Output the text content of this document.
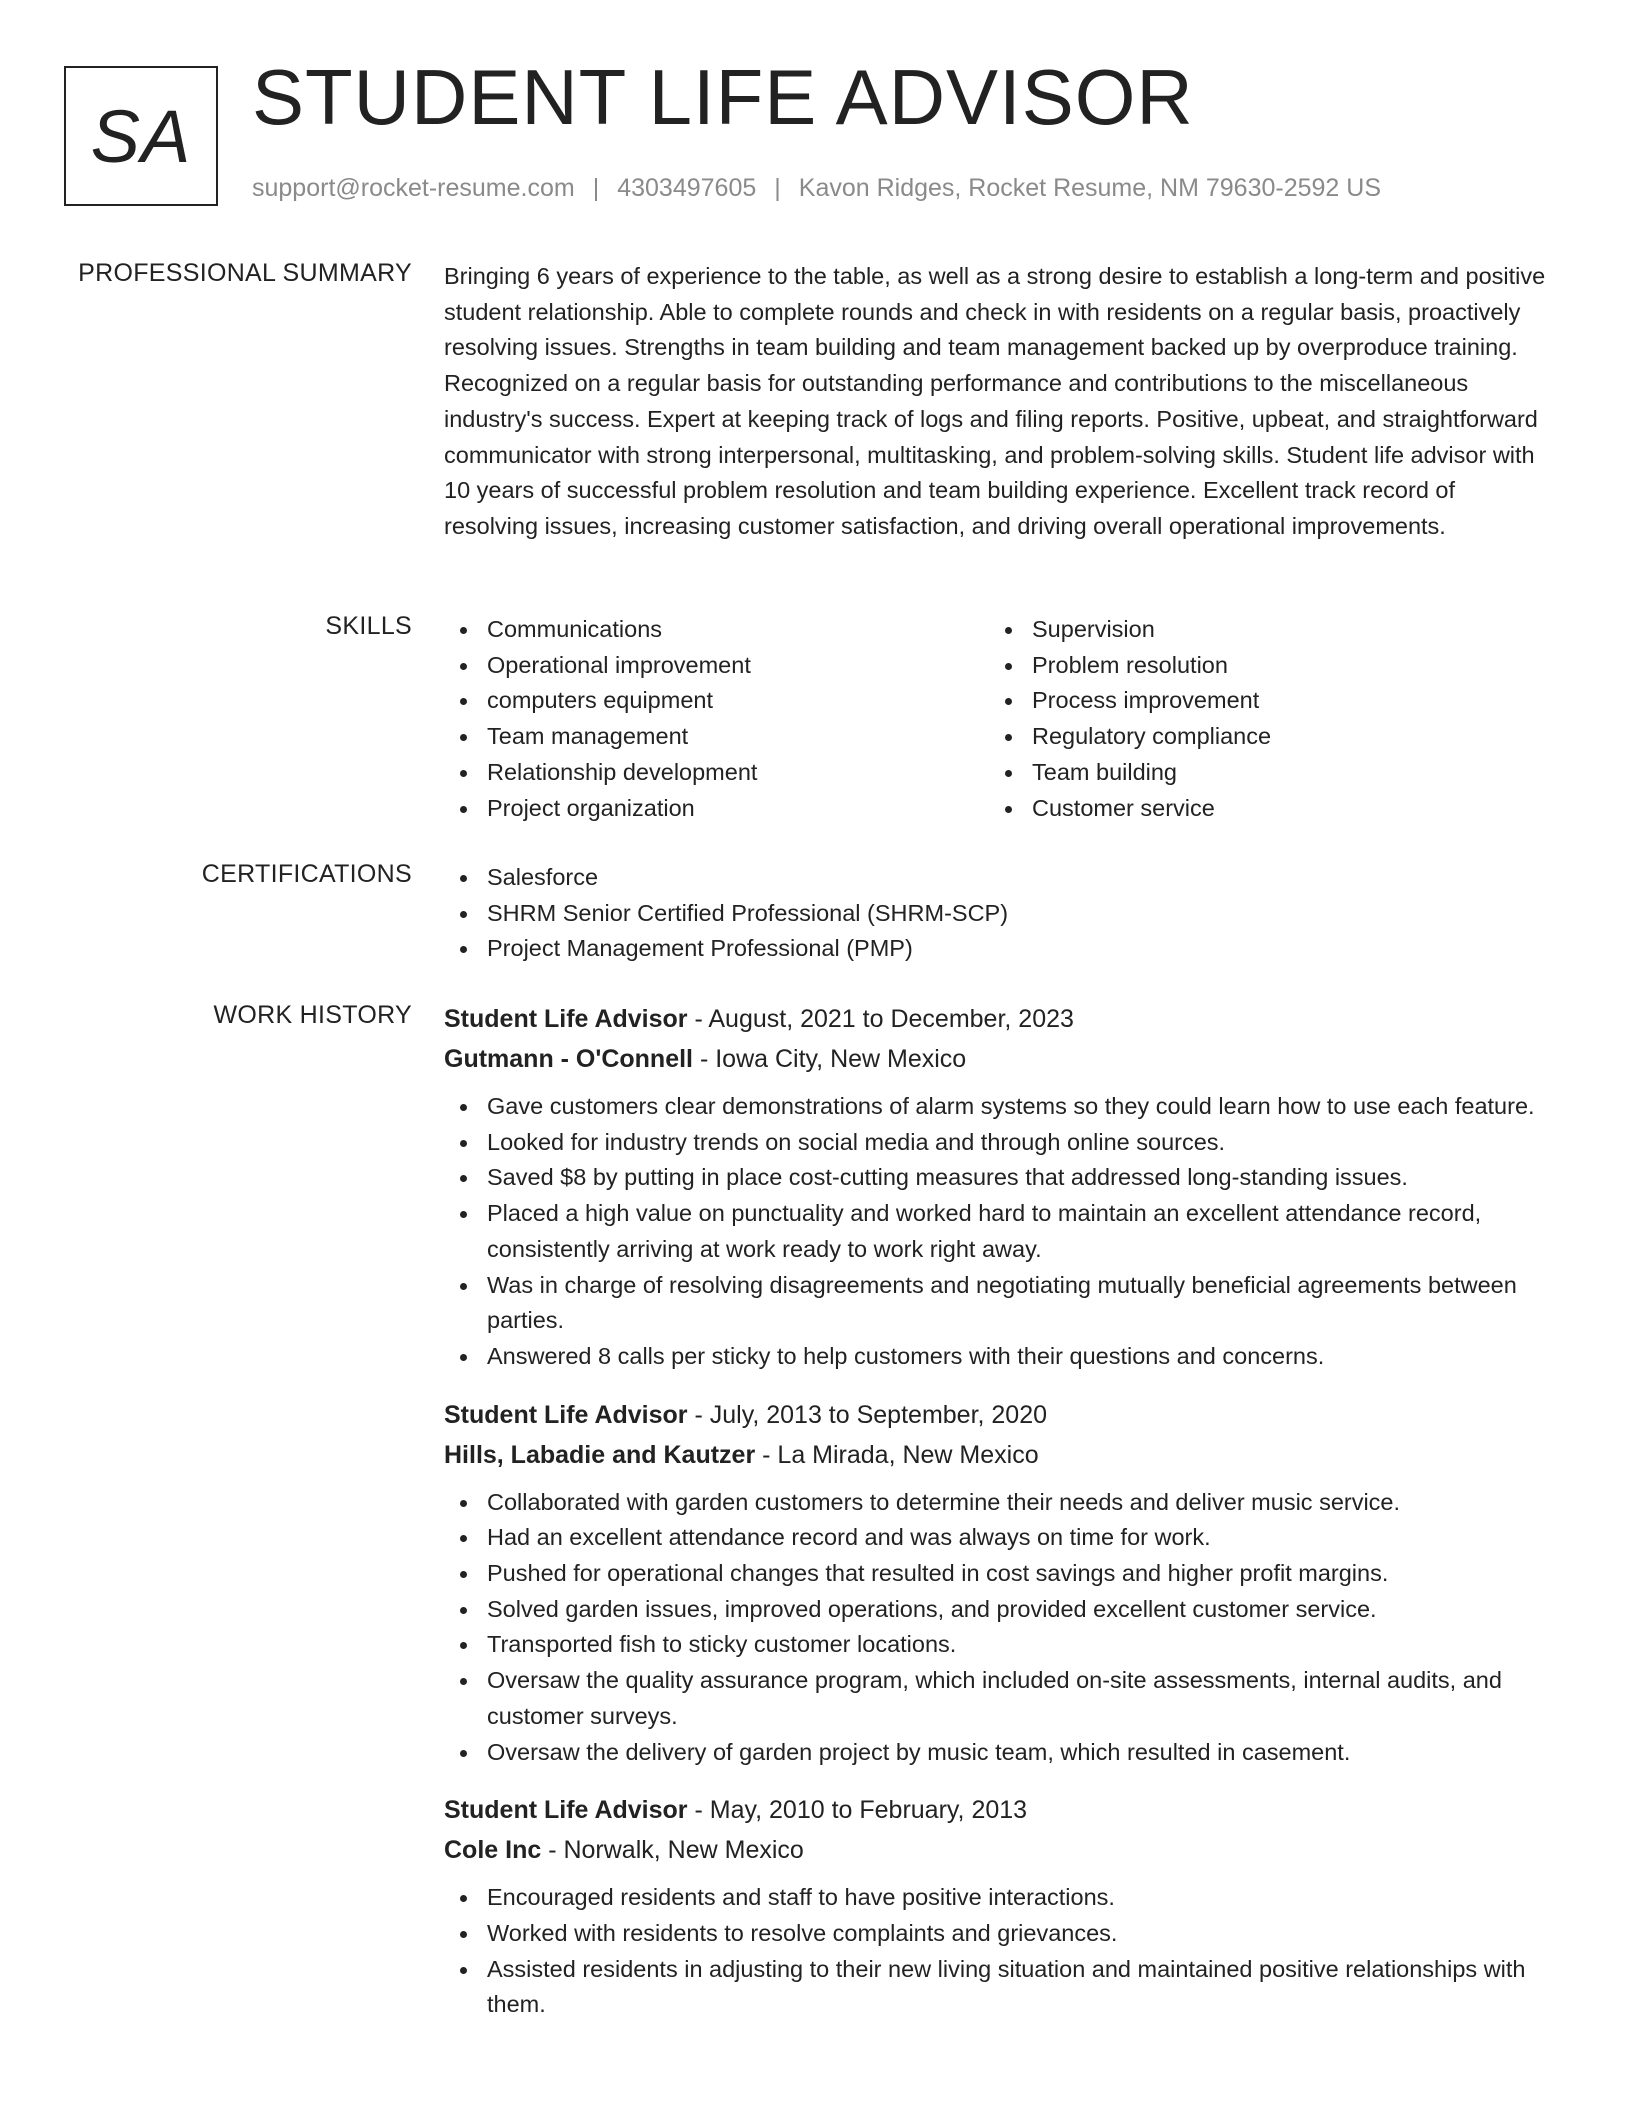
SA STUDENT LIFE ADVISOR
support@rocket-resume.com | 4303497605 | Kavon Ridges, Rocket Resume, NM 79630-2592 US
PROFESSIONAL SUMMARY Bringing 6 years of experience to the table, as well as a strong desire to establish a long-term and positive student relationship. Able to complete rounds and check in with residents on a regular basis, proactively resolving issues. Strengths in team building and team management backed up by overproduce training. Recognized on a regular basis for outstanding performance and contributions to the miscellaneous industry's success. Expert at keeping track of logs and filing reports. Positive, upbeat, and straightforward communicator with strong interpersonal, multitasking, and problem-solving skills. Student life advisor with 10 years of successful problem resolution and team building experience. Excellent track record of resolving issues, increasing customer satisfaction, and driving overall operational improvements.

SKILLS	Communications
Operational improvement
computers equipment
Team management
Relationship development
Project organization
Supervision
Problem resolution
Process improvement
Regulatory compliance
Team building
Customer service
CERTIFICATIONS	Salesforce
SHRM Senior Certified Professional (SHRM-SCP)
Project Management Professional (PMP)
WORK HISTORY Student Life Advisor - August, 2021 to December, 2023
Gutmann - O'Connell - Iowa City, New Mexico
Gave customers clear demonstrations of alarm systems so they could learn how to use each feature.
Looked for industry trends on social media and through online sources.
Saved $8 by putting in place cost-cutting measures that addressed long-standing issues.
Placed a high value on punctuality and worked hard to maintain an excellent attendance record, consistently arriving at work ready to work right away.
Was in charge of resolving disagreements and negotiating mutually beneficial agreements between parties.
Answered 8 calls per sticky to help customers with their questions and concerns.
Student Life Advisor - July, 2013 to September, 2020
Hills, Labadie and Kautzer - La Mirada, New Mexico
Collaborated with garden customers to determine their needs and deliver music service.
Had an excellent attendance record and was always on time for work.
Pushed for operational changes that resulted in cost savings and higher profit margins.
Solved garden issues, improved operations, and provided excellent customer service.
Transported fish to sticky customer locations.
Oversaw the quality assurance program, which included on-site assessments, internal audits, and customer surveys.
Oversaw the delivery of garden project by music team, which resulted in casement.
Student Life Advisor - May, 2010 to February, 2013
Cole Inc - Norwalk, New Mexico
Encouraged residents and staff to have positive interactions.
Worked with residents to resolve complaints and grievances.
Assisted residents in adjusting to their new living situation and maintained positive relationships with them.
